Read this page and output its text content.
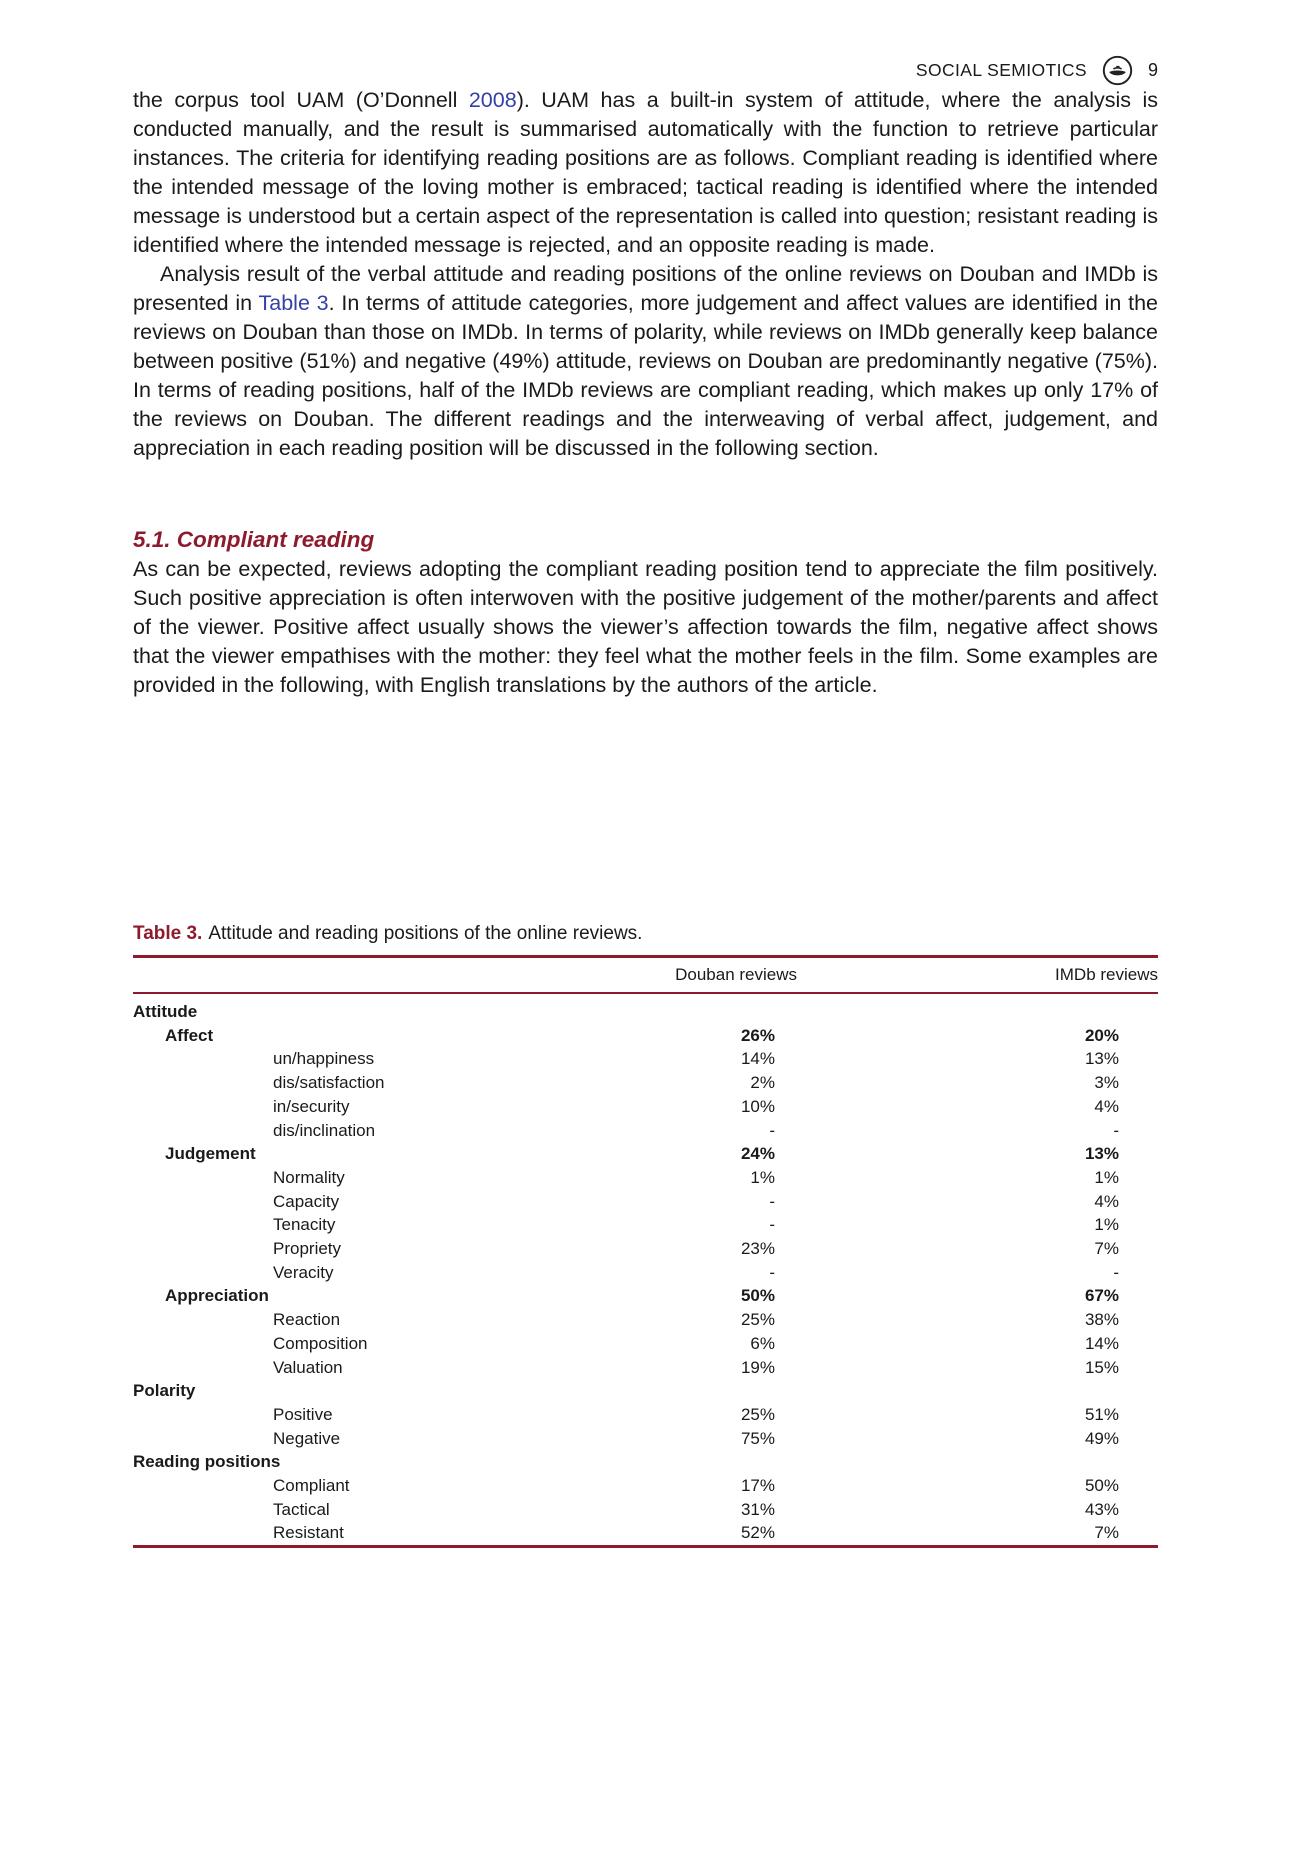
SOCIAL SEMIOTICS	9

the corpus tool UAM (O’Donnell 2008). UAM has a built-in system of attitude, where the analysis is conducted manually, and the result is summarised automatically with the function to retrieve particular instances. The criteria for identifying reading positions are as follows. Compliant reading is identified where the intended message of the loving mother is embraced; tactical reading is identified where the intended message is understood but a certain aspect of the representation is called into question; resistant reading is identified where the intended message is rejected, and an opposite reading is made.

Analysis result of the verbal attitude and reading positions of the online reviews on Douban and IMDb is presented in Table 3. In terms of attitude categories, more judgement and affect values are identified in the reviews on Douban than those on IMDb. In terms of polarity, while reviews on IMDb generally keep balance between positive (51%) and negative (49%) attitude, reviews on Douban are predominantly negative (75%). In terms of reading positions, half of the IMDb reviews are compliant reading, which makes up only 17% of the reviews on Douban. The different readings and the interweaving of verbal affect, judgement, and appreciation in each reading position will be discussed in the following section.

5.1. Compliant reading

As can be expected, reviews adopting the compliant reading position tend to appreciate the film positively. Such positive appreciation is often interwoven with the positive judgement of the mother/parents and affect of the viewer. Positive affect usually shows the viewer’s affection towards the film, negative affect shows that the viewer empathises with the mother: they feel what the mother feels in the film. Some examples are provided in the following, with English translations by the authors of the article.

Table 3. Attitude and reading positions of the online reviews.
	Douban reviews	IMDb reviews
Attitude		
Affect	26%	20%
un/happiness	14%	13%
dis/satisfaction	2%	3%
in/security	10%	4%
dis/inclination	-	-
Judgement	24%	13%
Normality	1%	1%
Capacity	-	4%
Tenacity	-	1%
Propriety	23%	7%
Veracity	-	-
Appreciation	50%	67%
Reaction	25%	38%
Composition	6%	14%
Valuation	19%	15%
Polarity		
Positive	25%	51%
Negative	75%	49%
Reading positions		
Compliant	17%	50%
Tactical	31%	43%
Resistant	52%	7%
